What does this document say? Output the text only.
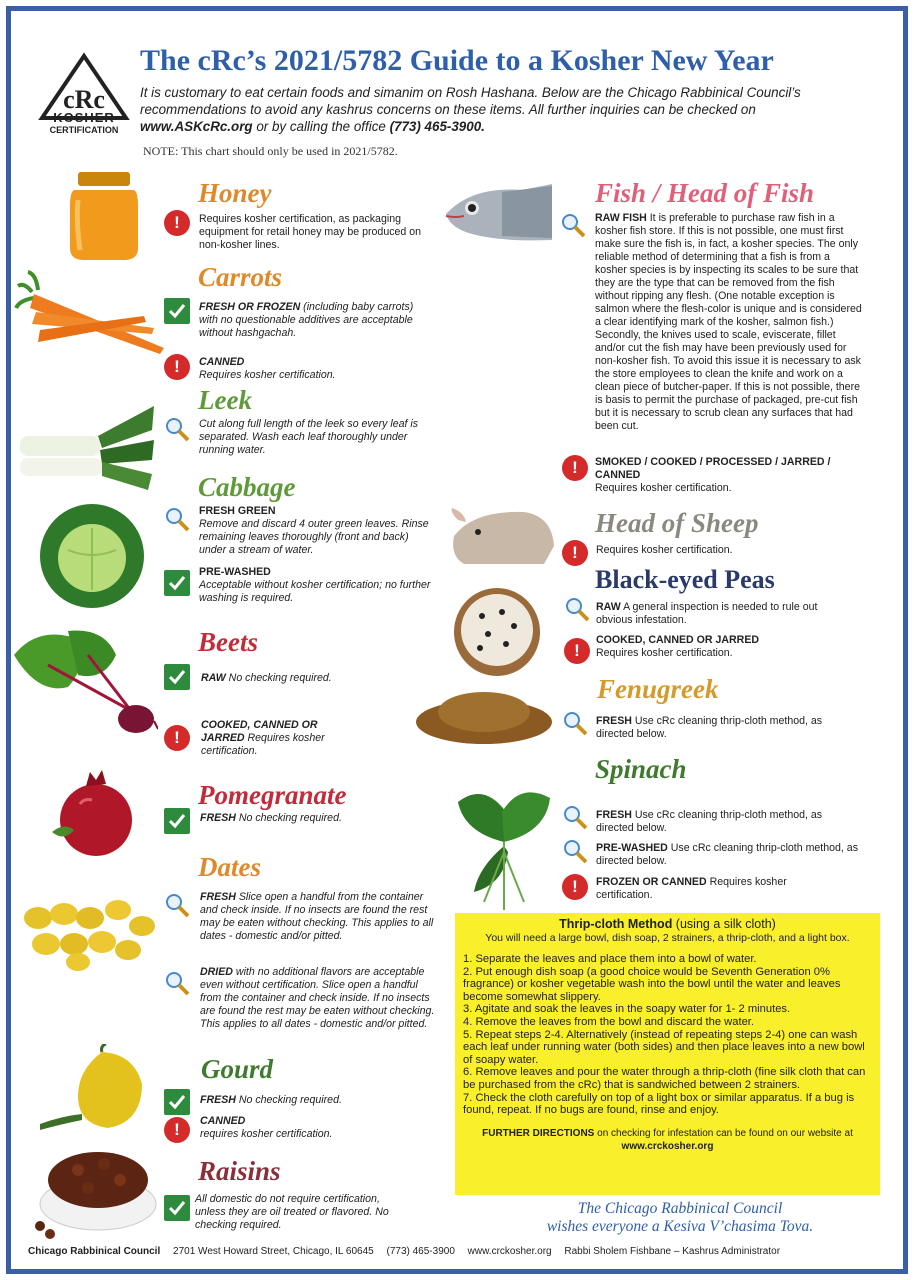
cRc
KOSHER
CERTIFICATION
The cRc’s 2021/5782 Guide to a Kosher New Year
It is customary to eat certain foods and simanim on Rosh Hashana. Below are the Chicago Rabbinical Council’s recommendations to avoid any kashrus concerns on these items. All further inquiries can be checked on www.ASKcRc.org or by calling the office (773) 465-3900.
NOTE: This chart should only be used in 2021/5782.
Honey
!	Requires kosher certification, as packaging equipment for retail honey may be produced on non-kosher lines.
Carrots
FRESH OR FROZEN (including baby carrots) with no questionable additives are acceptable without hashgachah.
!	CANNED
Requires kosher certification.
Leek
Cut along full length of the leek so every leaf is separated. Wash each leaf thoroughly under running water.
Cabbage
FRESH GREEN
Remove and discard 4 outer green leaves. Rinse remaining leaves thoroughly (front and back) under a stream of water.
PRE-WASHED
Acceptable without kosher certification; no further washing is required.
Beets
RAW No checking required.
!
COOKED, CANNED OR JARRED Requires kosher certification.
Pomegranate
FRESH No checking required.
Dates
FRESH Slice open a handful from the container and check inside. If no insects are found the rest may be eaten without checking. This applies to all dates - domestic and/or pitted.
DRIED with no additional flavors are acceptable even without certification. Slice open a handful from the container and check inside. If no insects are found the rest may be eaten without checking. This applies to all dates - domestic and/or pitted.
Gourd
FRESH No checking required.
!	CANNED
requires kosher certification.
Raisins
All domestic do not require certification, unless they are oil treated or flavored. No checking required.
Fish / Head of Fish
RAW FISH It is preferable to purchase raw fish in a kosher fish store. If this is not possible, one must first make sure the fish is, in fact, a kosher species. The only reliable method of determining that a fish is from a kosher species is by inspecting its scales to be sure that they are the type that can be removed from the fish without ripping any flesh. (One notable exception is salmon where the flesh-color is unique and is considered a clear identifying mark of the kosher, salmon fish.) Secondly, the knives used to scale, eviscerate, fillet and/or cut the fish may have been previously used for non-kosher fish. To avoid this issue it is necessary to ask the store employees to clean the knife and work on a clean piece of butcher-paper. If this is not possible, there is basis to permit the purchase of packaged, pre-cut fish but it is necessary to scrub clean any surfaces that had been cut.
!	SMOKED / COOKED / PROCESSED / JARRED / CANNED
Requires kosher certification.
Head of Sheep
!	Requires kosher certification.
Black-eyed Peas
RAW A general inspection is needed to rule out obvious infestation.
!
COOKED, CANNED OR JARRED
Requires kosher certification.
Fenugreek
FRESH Use cRc cleaning thrip-cloth method, as directed below.
Spinach
FRESH Use cRc cleaning thrip-cloth method, as directed below.
PRE-WASHED Use cRc cleaning thrip-cloth method, as directed below.
!	FROZEN OR CANNED Requires kosher certification.
Thrip-cloth Method (using a silk cloth)
You will need a large bowl, dish soap, 2 strainers, a thrip-cloth, and a light box.
1. Separate the leaves and place them into a bowl of water.
2. Put enough dish soap (a good choice would be Seventh Generation 0% fragrance) or kosher vegetable wash into the bowl until the water and leaves become somewhat slippery.
3. Agitate and soak the leaves in the soapy water for 1- 2 minutes.
4. Remove the leaves from the bowl and discard the water.
5. Repeat steps 2-4. Alternatively (instead of repeating steps 2-4) one can wash each leaf under running water (both sides) and then place leaves into a new bowl of soapy water.
6. Remove leaves and pour the water through a thrip-cloth (fine silk cloth that can be purchased from the cRc) that is sandwiched between 2 strainers.
7. Check the cloth carefully on top of a light box or similar apparatus. If a bug is found, repeat. If no bugs are found, rinse and enjoy.
FURTHER DIRECTIONS on checking for infestation can be found on our website at www.crckosher.org
The Chicago Rabbinical Council
wishes everyone a Kesiva V’chasima Tova.
Chicago Rabbinical Council 2701 West Howard Street, Chicago, IL 60645 (773) 465-3900 www.crckosher.org Rabbi Sholem Fishbane – Kashrus Administrator
